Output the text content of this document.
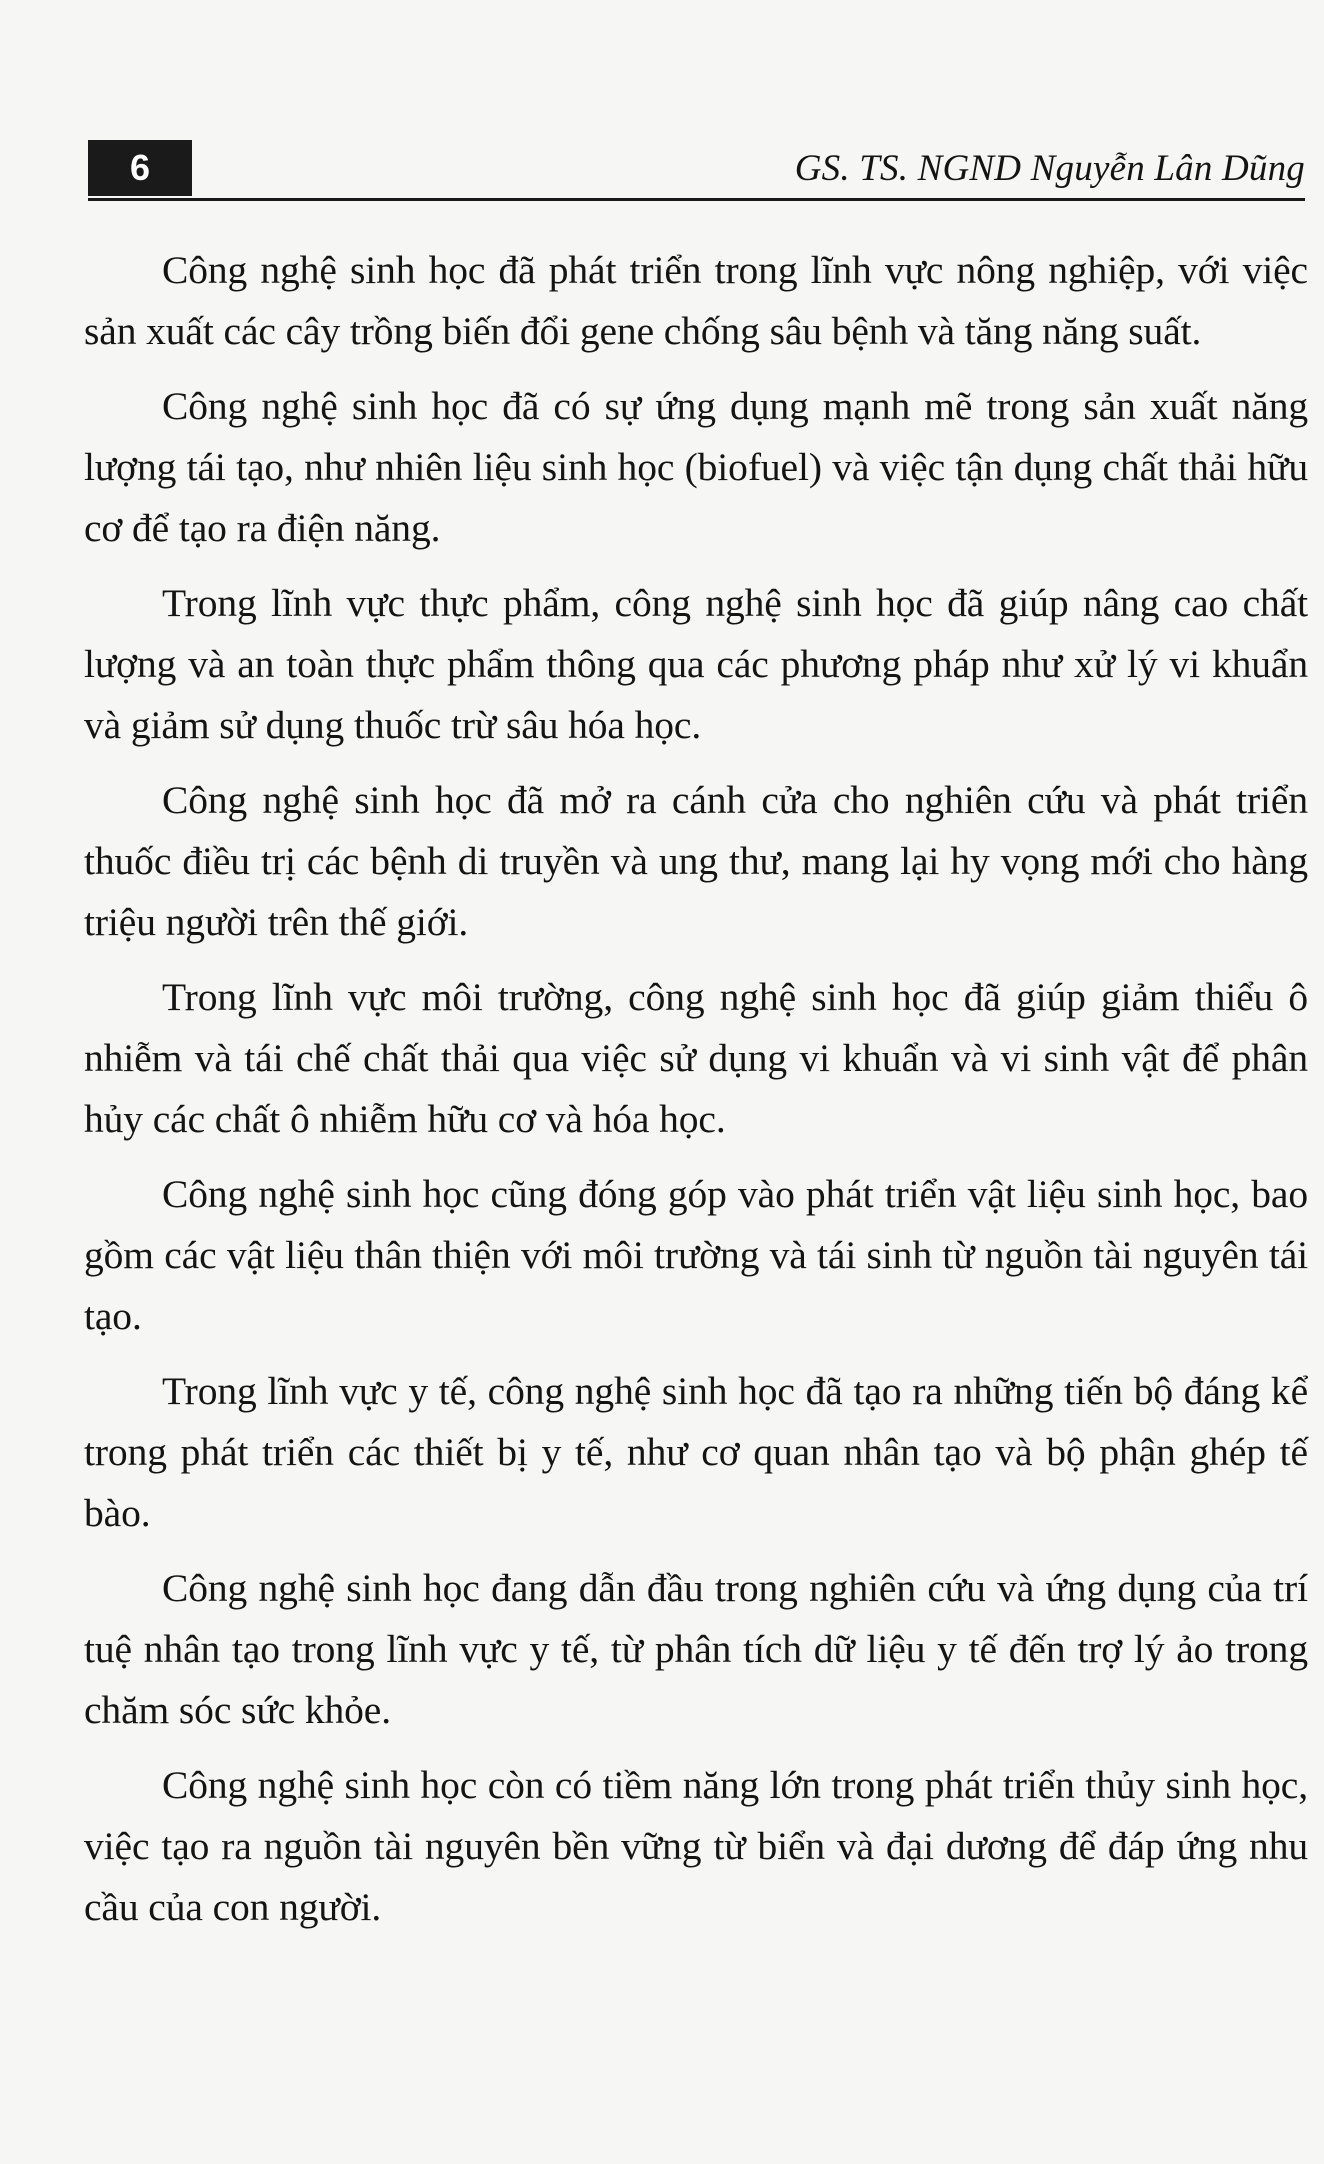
6	GS. TS. NGND Nguyễn Lân Dũng

Công nghệ sinh học đã phát triển trong lĩnh vực nông nghiệp, với việc sản xuất các cây trồng biến đổi gene chống sâu bệnh và tăng năng suất.

Công nghệ sinh học đã có sự ứng dụng mạnh mẽ trong sản xuất năng lượng tái tạo, như nhiên liệu sinh học (biofuel) và việc tận dụng chất thải hữu cơ để tạo ra điện năng.

Trong lĩnh vực thực phẩm, công nghệ sinh học đã giúp nâng cao chất lượng và an toàn thực phẩm thông qua các phương pháp như xử lý vi khuẩn và giảm sử dụng thuốc trừ sâu hóa học.

Công nghệ sinh học đã mở ra cánh cửa cho nghiên cứu và phát triển thuốc điều trị các bệnh di truyền và ung thư, mang lại hy vọng mới cho hàng triệu người trên thế giới.

Trong lĩnh vực môi trường, công nghệ sinh học đã giúp giảm thiểu ô nhiễm và tái chế chất thải qua việc sử dụng vi khuẩn và vi sinh vật để phân hủy các chất ô nhiễm hữu cơ và hóa học.

Công nghệ sinh học cũng đóng góp vào phát triển vật liệu sinh học, bao gồm các vật liệu thân thiện với môi trường và tái sinh từ nguồn tài nguyên tái tạo.

Trong lĩnh vực y tế, công nghệ sinh học đã tạo ra những tiến bộ đáng kể trong phát triển các thiết bị y tế, như cơ quan nhân tạo và bộ phận ghép tế bào.

Công nghệ sinh học đang dẫn đầu trong nghiên cứu và ứng dụng của trí tuệ nhân tạo trong lĩnh vực y tế, từ phân tích dữ liệu y tế đến trợ lý ảo trong chăm sóc sức khỏe.

Công nghệ sinh học còn có tiềm năng lớn trong phát triển thủy sinh học, việc tạo ra nguồn tài nguyên bền vững từ biển và đại dương để đáp ứng nhu cầu của con người.
